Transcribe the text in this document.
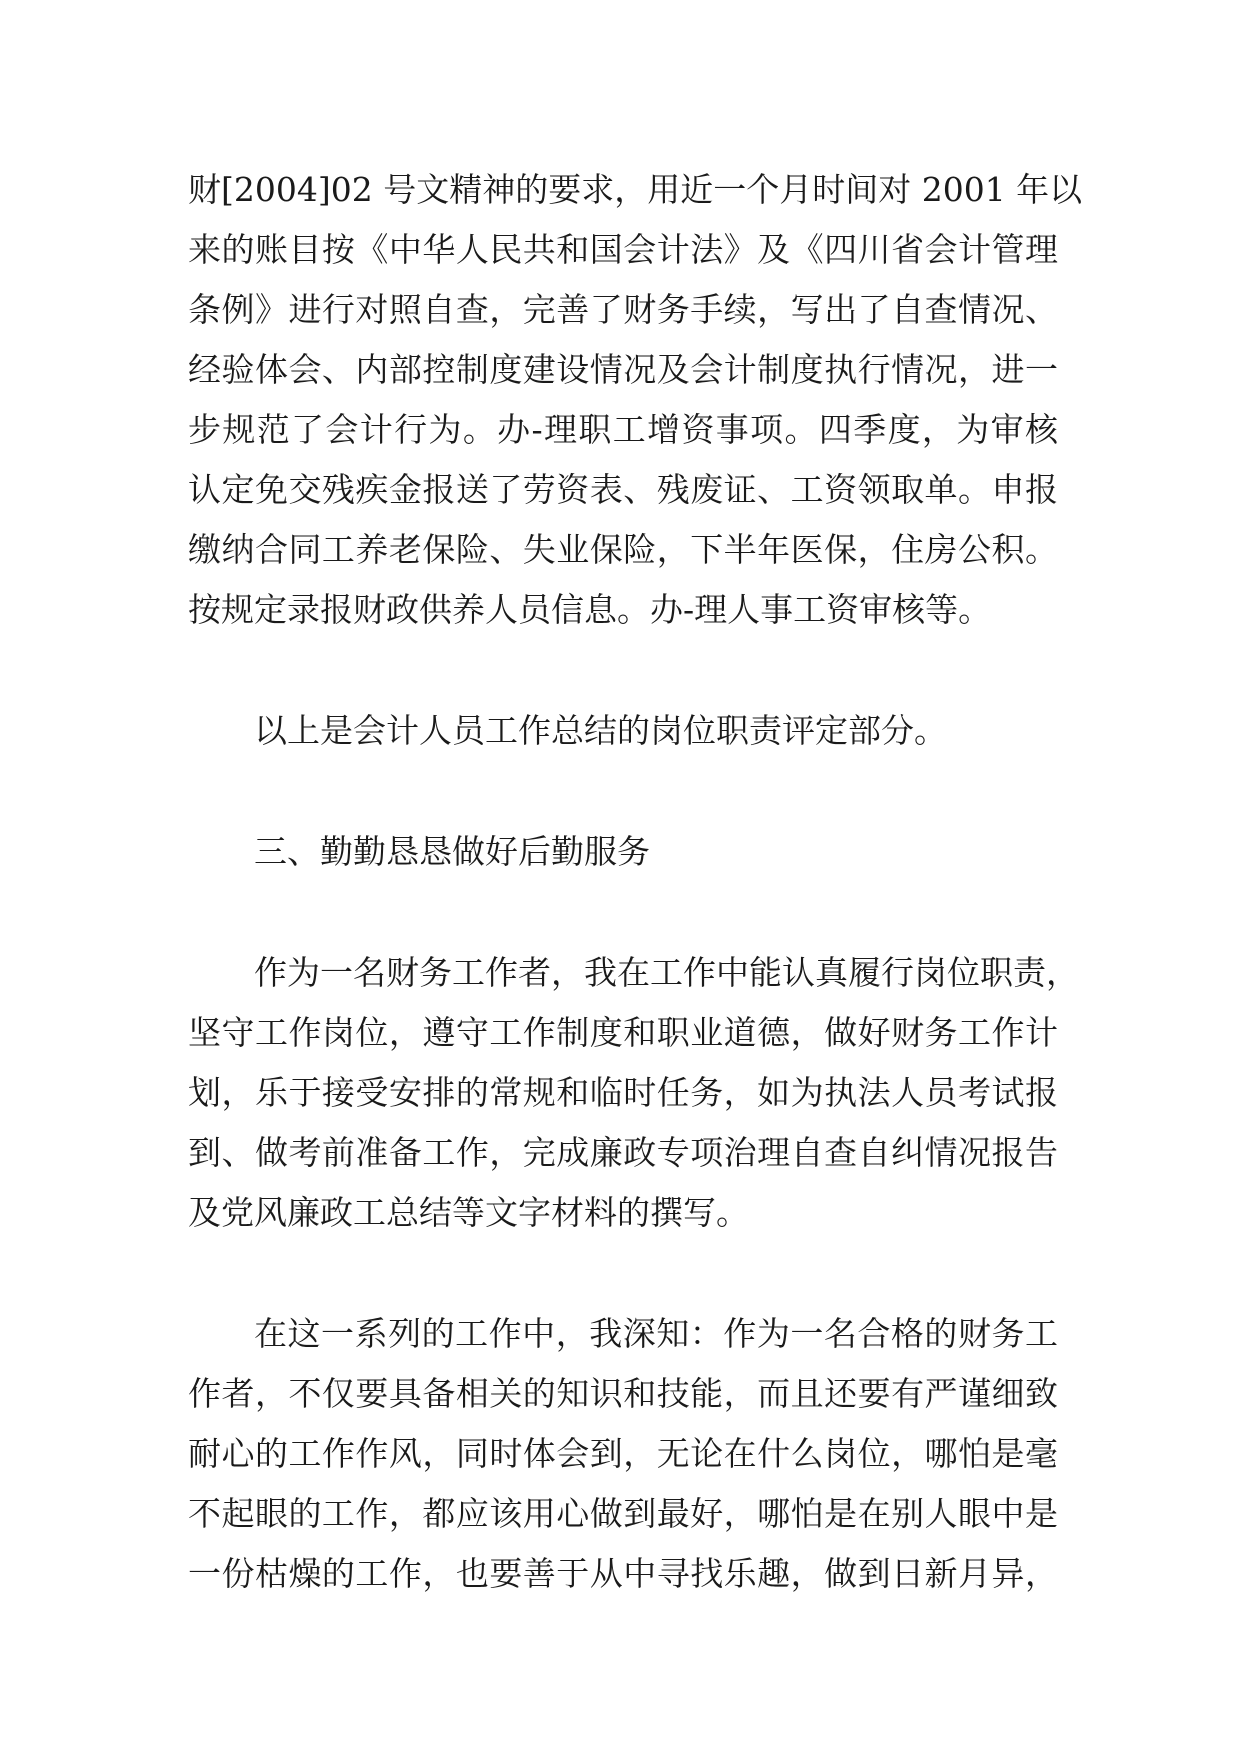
财[2004]02 号文精神的要求，用近一个月时间对 2001 年以
来的账目按《中华人民共和国会计法》及《四川省会计管理
条例》进行对照自查，完善了财务手续，写出了自查情况、
经验体会、内部控制度建设情况及会计制度执行情况，进一
步规范了会计行为。办-理职工增资事项。四季度，为审核
认定免交残疾金报送了劳资表、残废证、工资领取单。申报
缴纳合同工养老保险、失业保险，下半年医保，住房公积。
按规定录报财政供养人员信息。办-理人事工资审核等。
以上是会计人员工作总结的岗位职责评定部分。
三、勤勤恳恳做好后勤服务
作为一名财务工作者，我在工作中能认真履行岗位职责，
坚守工作岗位，遵守工作制度和职业道德，做好财务工作计
划，乐于接受安排的常规和临时任务，如为执法人员考试报
到、做考前准备工作，完成廉政专项治理自查自纠情况报告
及党风廉政工总结等文字材料的撰写。
在这一系列的工作中，我深知：作为一名合格的财务工
作者，不仅要具备相关的知识和技能，而且还要有严谨细致
耐心的工作作风，同时体会到，无论在什么岗位，哪怕是毫
不起眼的工作，都应该用心做到最好，哪怕是在别人眼中是
一份枯燥的工作，也要善于从中寻找乐趣，做到日新月异，
